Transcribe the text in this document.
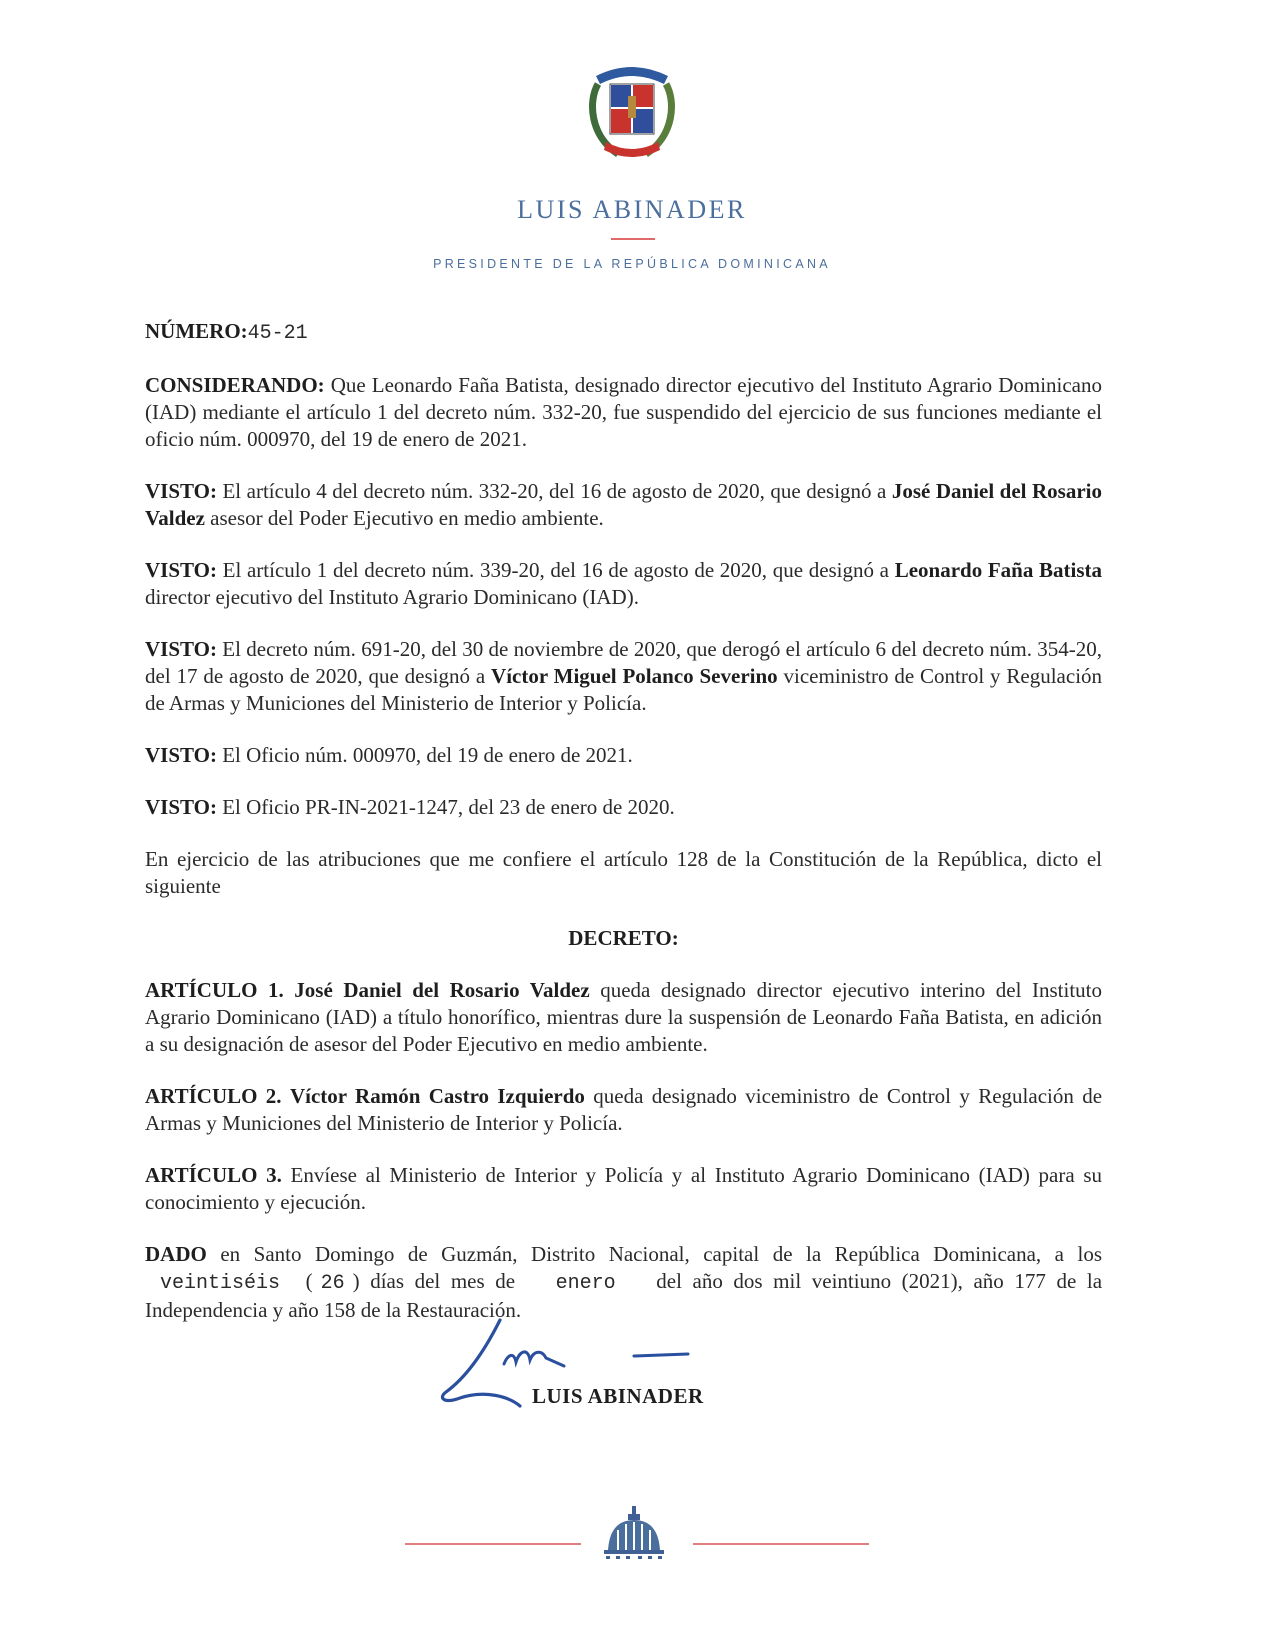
LUIS ABINADER
PRESIDENTE DE LA REPÚBLICA DOMINICANA

NÚMERO:45-21

CONSIDERANDO: Que Leonardo Faña Batista, designado director ejecutivo del Instituto Agrario Dominicano (IAD) mediante el artículo 1 del decreto núm. 332-20, fue suspendido del ejercicio de sus funciones mediante el oficio núm. 000970, del 19 de enero de 2021.

VISTO: El artículo 4 del decreto núm. 332-20, del 16 de agosto de 2020, que designó a José Daniel del Rosario Valdez asesor del Poder Ejecutivo en medio ambiente.

VISTO: El artículo 1 del decreto núm. 339-20, del 16 de agosto de 2020, que designó a Leonardo Faña Batista director ejecutivo del Instituto Agrario Dominicano (IAD).

VISTO: El decreto núm. 691-20, del 30 de noviembre de 2020, que derogó el artículo 6 del decreto núm. 354-20, del 17 de agosto de 2020, que designó a Víctor Miguel Polanco Severino viceministro de Control y Regulación de Armas y Municiones del Ministerio de Interior y Policía.

VISTO: El Oficio núm. 000970, del 19 de enero de 2021.

VISTO: El Oficio PR-IN-2021-1247, del 23 de enero de 2020.

En ejercicio de las atribuciones que me confiere el artículo 128 de la Constitución de la República, dicto el siguiente

DECRETO:

ARTÍCULO 1. José Daniel del Rosario Valdez queda designado director ejecutivo interino del Instituto Agrario Dominicano (IAD) a título honorífico, mientras dure la suspensión de Leonardo Faña Batista, en adición a su designación de asesor del Poder Ejecutivo en medio ambiente.

ARTÍCULO 2. Víctor Ramón Castro Izquierdo queda designado viceministro de Control y Regulación de Armas y Municiones del Ministerio de Interior y Policía.

ARTÍCULO 3. Envíese al Ministerio de Interior y Policía y al Instituto Agrario Dominicano (IAD) para su conocimiento y ejecución.

DADO en Santo Domingo de Guzmán, Distrito Nacional, capital de la República Dominicana, a los veintiséis ( 26 ) días del mes de enero del año dos mil veintiuno (2021), año 177 de la Independencia y año 158 de la Restauración.

LUIS ABINADER
